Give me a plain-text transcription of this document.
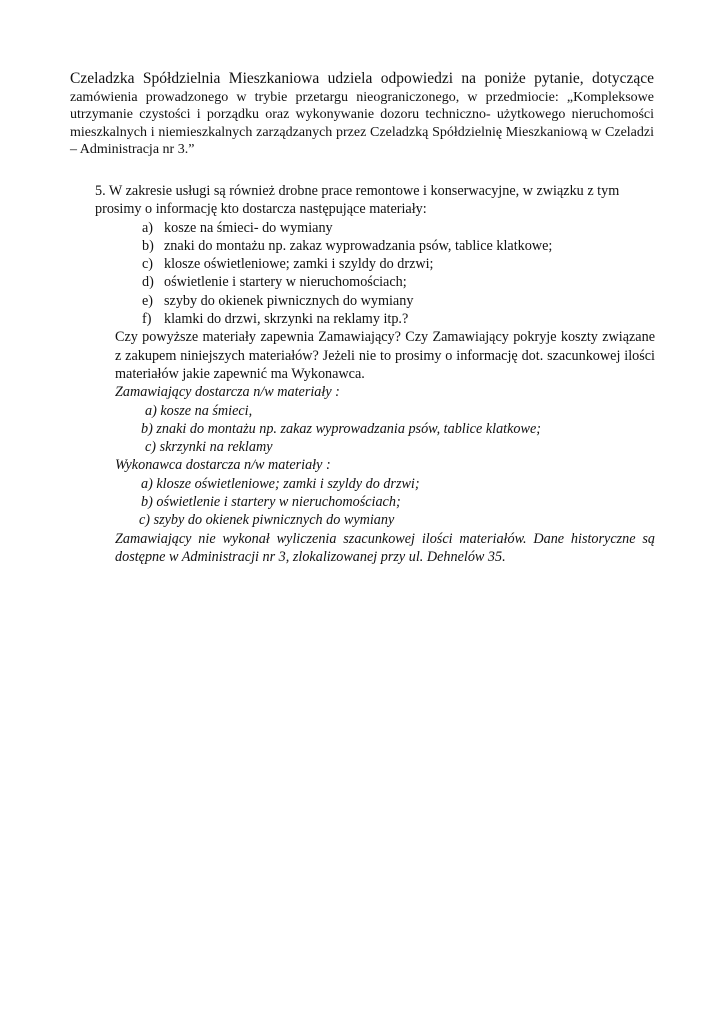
Czeladzka Spółdzielnia Mieszkaniowa udziela odpowiedzi na poniże pytanie, dotyczące zamówienia prowadzonego w trybie przetargu nieograniczonego, w przedmiocie: „Kompleksowe utrzymanie czystości i porządku oraz wykonywanie dozoru techniczno- użytkowego nieruchomości mieszkalnych i niemieszkalnych zarządzanych przez Czeladzką Spółdzielnię Mieszkaniową w Czeladzi – Administracja nr 3.”
5. W zakresie usługi są również drobne prace remontowe i konserwacyjne, w związku z tym prosimy o informację kto dostarcza następujące materiały:
a) kosze na śmieci- do wymiany
b) znaki do montażu np. zakaz wyprowadzania psów, tablice klatkowe;
c) klosze oświetleniowe; zamki i szyldy do drzwi;
d) oświetlenie i startery w nieruchomościach;
e) szyby do okienek piwnicznych do wymiany
f) klamki do drzwi, skrzynki na reklamy itp.?
Czy powyższe materiały zapewnia Zamawiający? Czy Zamawiający pokryje koszty związane z zakupem niniejszych materiałów? Jeżeli nie to prosimy o informację dot. szacunkowej ilości materiałów jakie zapewnić ma Wykonawca.
Zamawiający dostarcza n/w materiały :
a) kosze na śmieci,
b) znaki do montażu np. zakaz wyprowadzania psów, tablice klatkowe;
c) skrzynki na reklamy
Wykonawca dostarcza n/w materiały :
a) klosze oświetleniowe; zamki i szyldy do drzwi;
b) oświetlenie i startery w nieruchomościach;
c) szyby do okienek piwnicznych do wymiany
Zamawiający nie wykonał wyliczenia szacunkowej ilości materiałów. Dane historyczne są dostępne w Administracji nr 3, zlokalizowanej przy ul. Dehnelów 35.
